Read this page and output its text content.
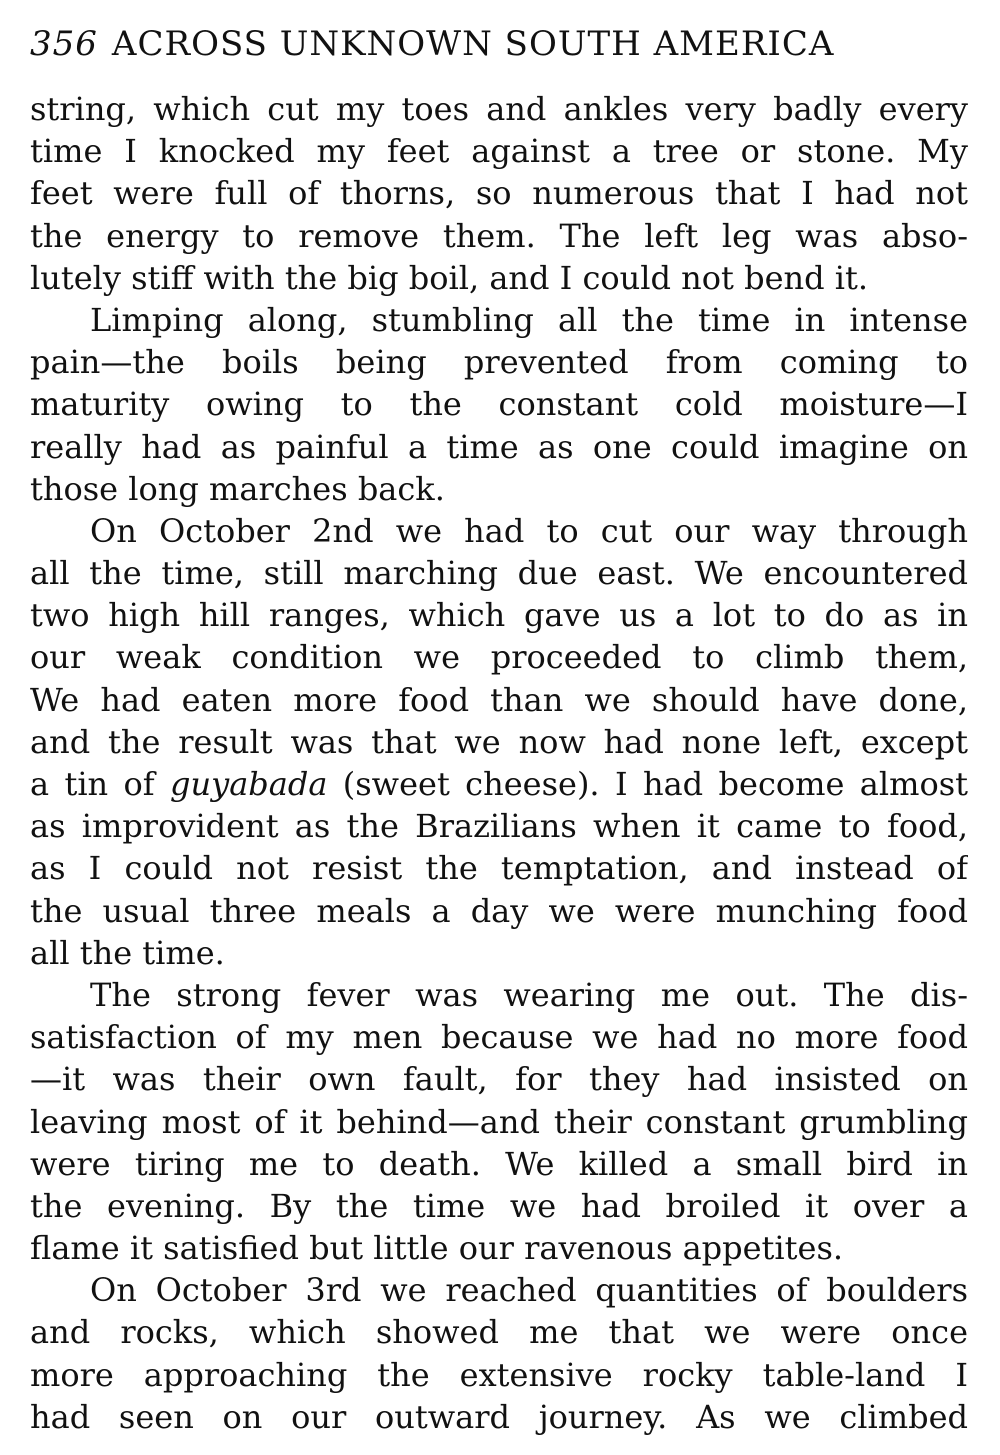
356 ACROSS UNKNOWN SOUTH AMERICA
string, which cut my toes and ankles very badly every
time I knocked my feet against a tree or stone. My
feet were full of thorns, so numerous that I had not
the energy to remove them. The left leg was abso-
lutely stiff with the big boil, and I could not bend it.
Limping along, stumbling all the time in intense
pain—the boils being prevented from coming to
maturity owing to the constant cold moisture—I
really had as painful a time as one could imagine on
those long marches back.
On October 2nd we had to cut our way through
all the time, still marching due east. We encountered
two high hill ranges, which gave us a lot to do as in
our weak condition we proceeded to climb them,
We had eaten more food than we should have done,
and the result was that we now had none left, except
a tin of guyabada (sweet cheese). I had become almost
as improvident as the Brazilians when it came to food,
as I could not resist the temptation, and instead of
the usual three meals a day we were munching food
all the time.
The strong fever was wearing me out. The dis-
satisfaction of my men because we had no more food
—it was their own fault, for they had insisted on
leaving most of it behind—and their constant grumbling
were tiring me to death. We killed a small bird in
the evening. By the time we had broiled it over a
flame it satisfied but little our ravenous appetites.
On October 3rd we reached quantities of boulders
and rocks, which showed me that we were once
more approaching the extensive rocky table-land I
had seen on our outward journey. As we climbed
